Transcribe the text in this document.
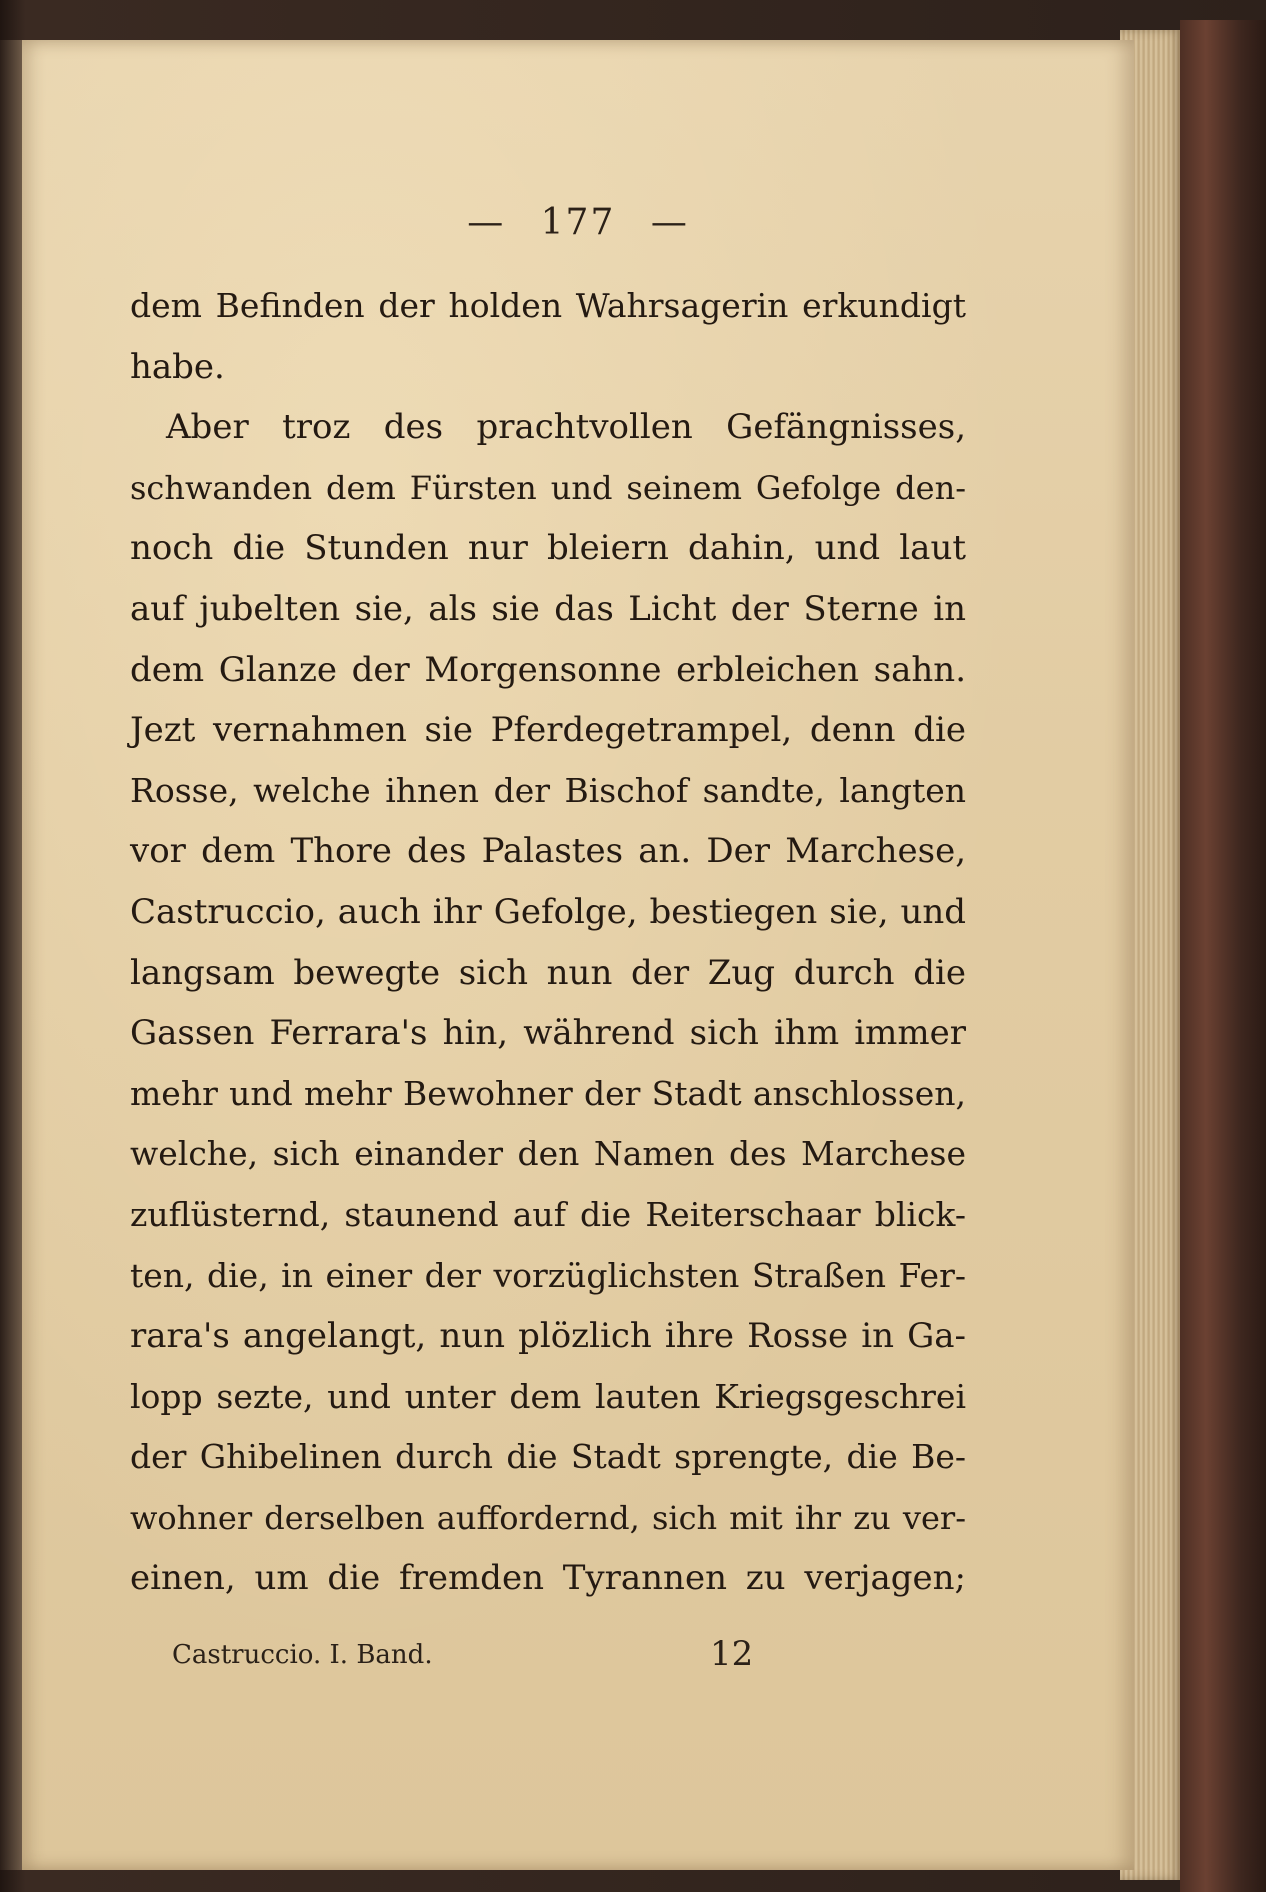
— 177 —
dem Befinden der holden Wahrsagerin erkundigt
habe.
Aber troz des prachtvollen Gefängnisses,
schwanden dem Fürsten und seinem Gefolge den-
noch die Stunden nur bleiern dahin, und laut
auf jubelten sie, als sie das Licht der Sterne in
dem Glanze der Morgensonne erbleichen sahn.
Jezt vernahmen sie Pferdegetrampel, denn die
Rosse, welche ihnen der Bischof sandte, langten
vor dem Thore des Palastes an. Der Marchese,
Castruccio, auch ihr Gefolge, bestiegen sie, und
langsam bewegte sich nun der Zug durch die
Gassen Ferrara's hin, während sich ihm immer
mehr und mehr Bewohner der Stadt anschlossen,
welche, sich einander den Namen des Marchese
zuflüsternd, staunend auf die Reiterschaar blick-
ten, die, in einer der vorzüglichsten Straßen Fer-
rara's angelangt, nun plözlich ihre Rosse in Ga-
lopp sezte, und unter dem lauten Kriegsgeschrei
der Ghibelinen durch die Stadt sprengte, die Be-
wohner derselben auffordernd, sich mit ihr zu ver-
einen, um die fremden Tyrannen zu verjagen;
Castruccio. I. Band.	12
